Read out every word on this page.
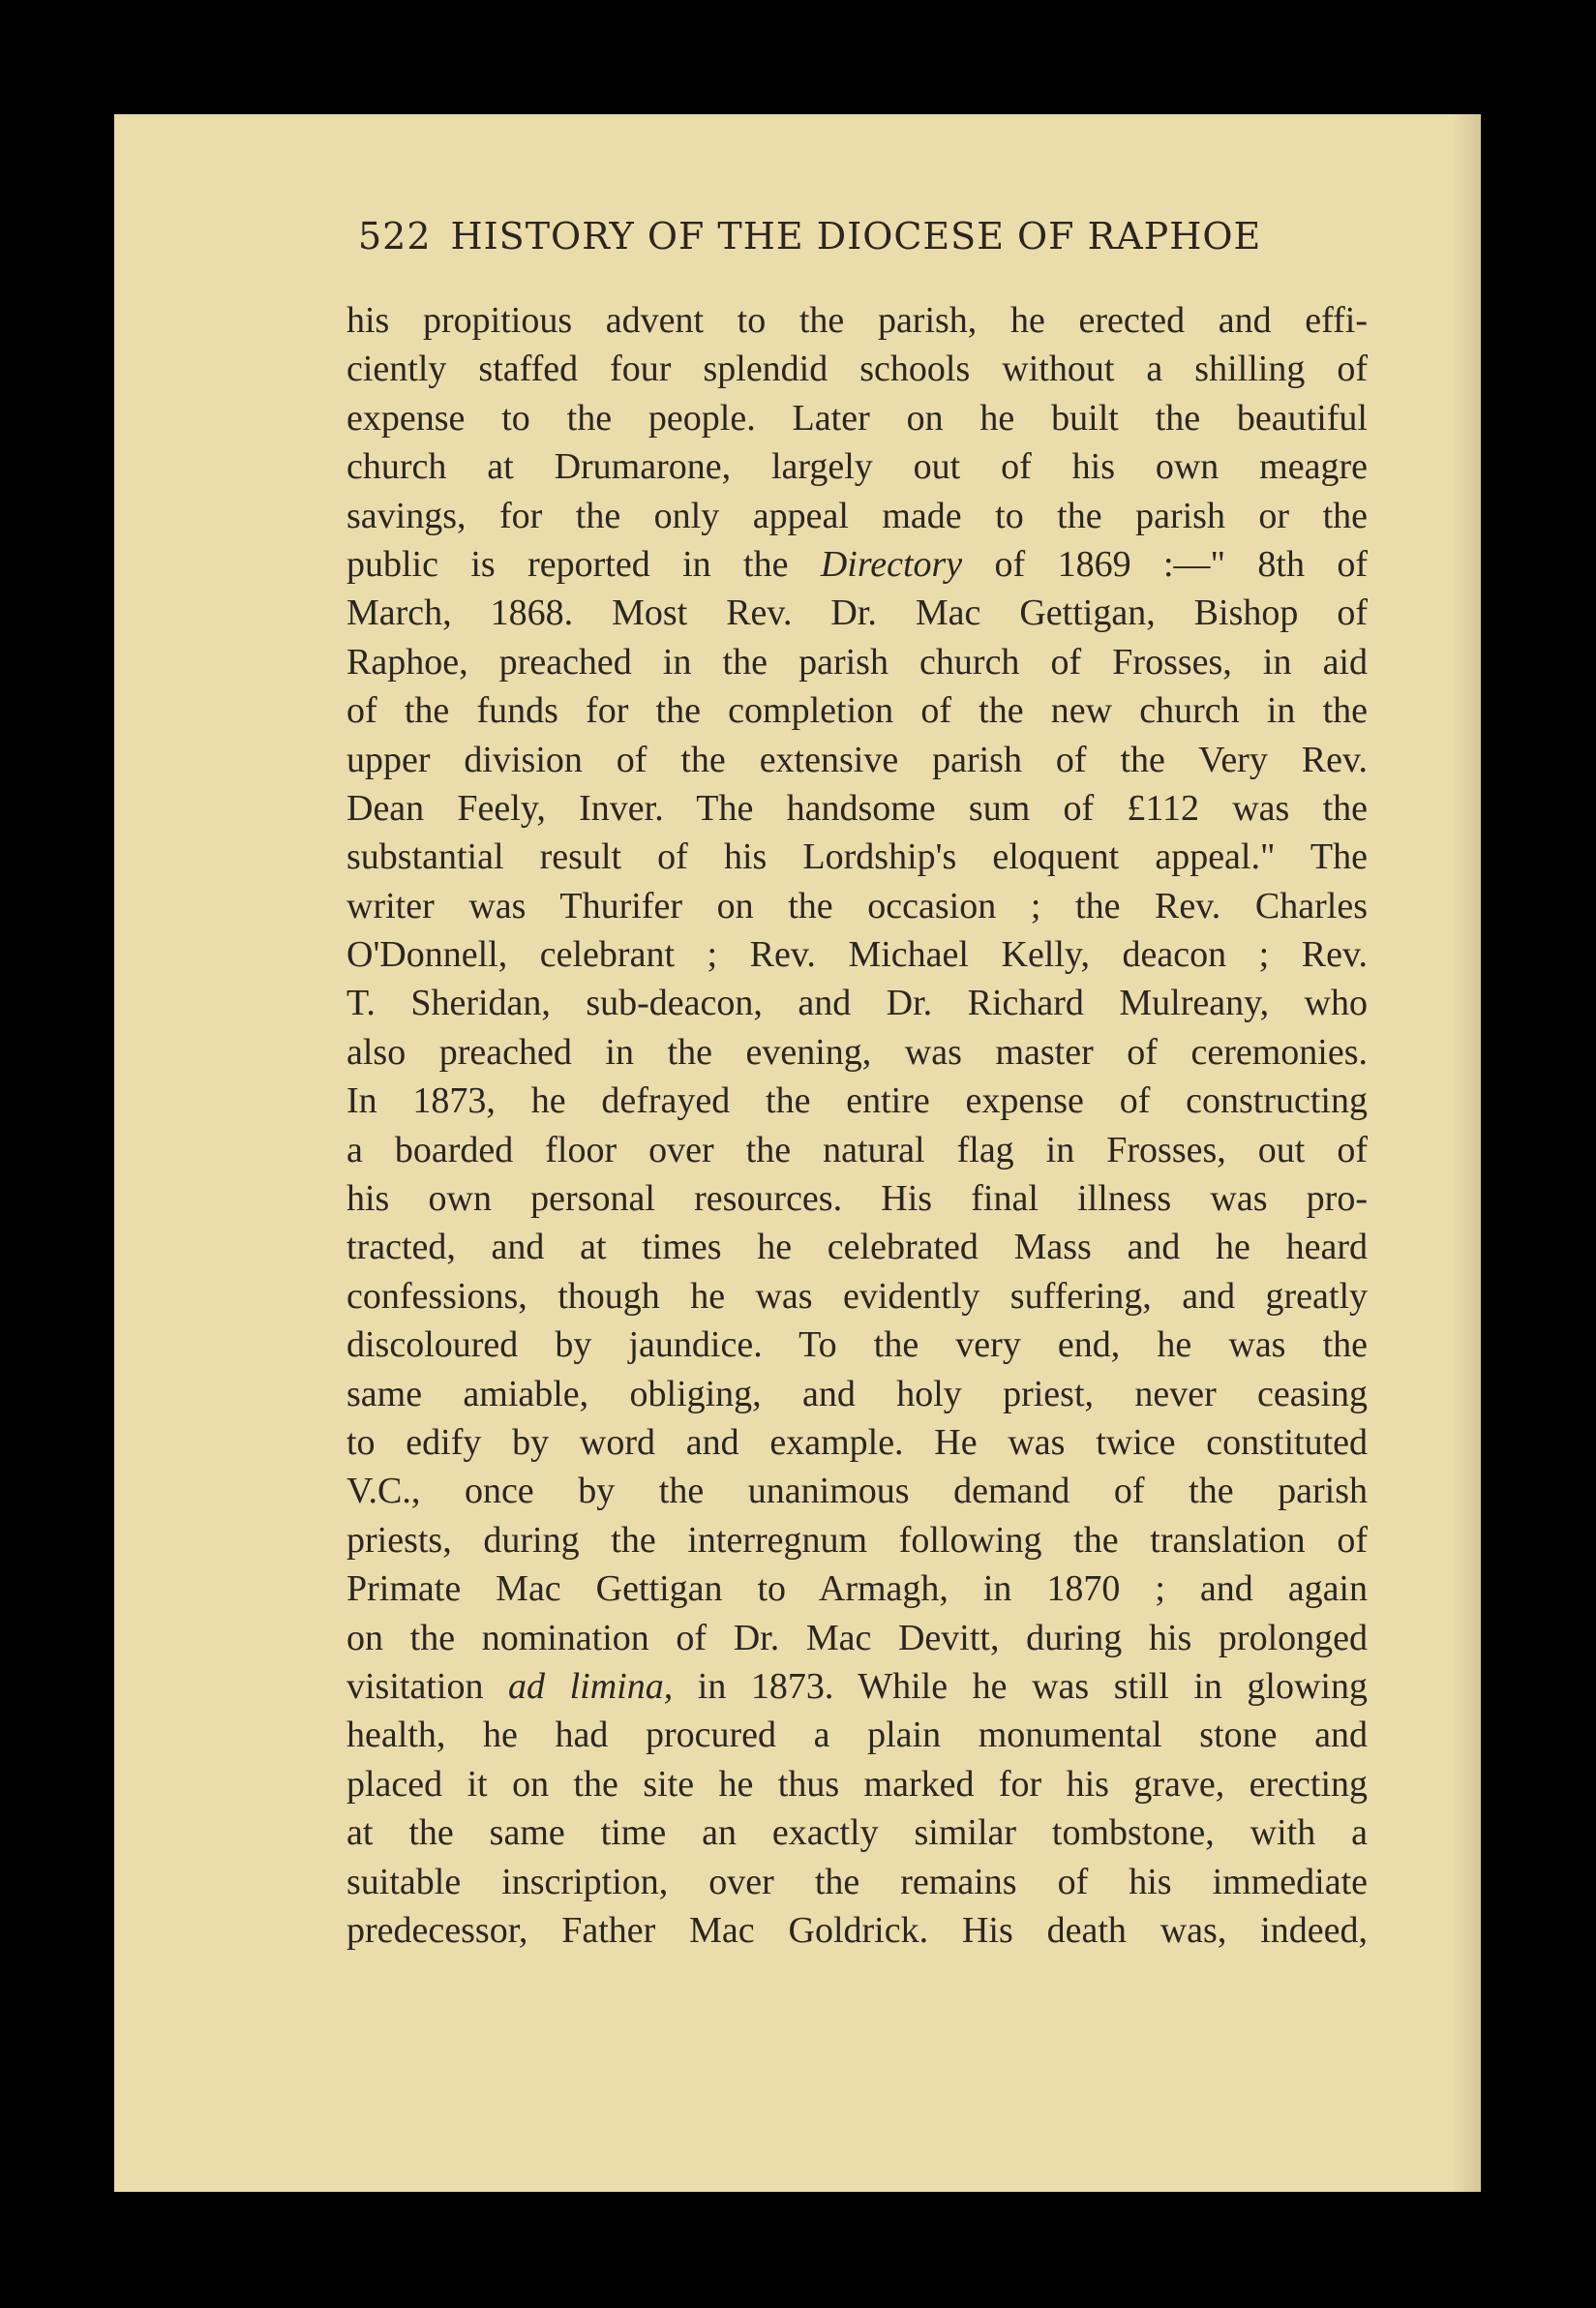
522 HISTORY OF THE DIOCESE OF RAPHOE
his propitious advent to the parish, he erected and effi-
ciently staffed four splendid schools without a shilling of
expense to the people. Later on he built the beautiful
church at Drumarone, largely out of his own meagre
savings, for the only appeal made to the parish or the
public is reported in the Directory of 1869 :—" 8th of
March, 1868. Most Rev. Dr. Mac Gettigan, Bishop of
Raphoe, preached in the parish church of Frosses, in aid
of the funds for the completion of the new church in the
upper division of the extensive parish of the Very Rev.
Dean Feely, Inver. The handsome sum of £112 was the
substantial result of his Lordship's eloquent appeal." The
writer was Thurifer on the occasion ; the Rev. Charles
O'Donnell, celebrant ; Rev. Michael Kelly, deacon ; Rev.
T. Sheridan, sub-deacon, and Dr. Richard Mulreany, who
also preached in the evening, was master of ceremonies.
In 1873, he defrayed the entire expense of constructing
a boarded floor over the natural flag in Frosses, out of
his own personal resources. His final illness was pro-
tracted, and at times he celebrated Mass and he heard
confessions, though he was evidently suffering, and greatly
discoloured by jaundice. To the very end, he was the
same amiable, obliging, and holy priest, never ceasing
to edify by word and example. He was twice constituted
V.C., once by the unanimous demand of the parish
priests, during the interregnum following the translation of
Primate Mac Gettigan to Armagh, in 1870 ; and again
on the nomination of Dr. Mac Devitt, during his prolonged
visitation ad limina, in 1873. While he was still in glowing
health, he had procured a plain monumental stone and
placed it on the site he thus marked for his grave, erecting
at the same time an exactly similar tombstone, with a
suitable inscription, over the remains of his immediate
predecessor, Father Mac Goldrick. His death was, indeed,
